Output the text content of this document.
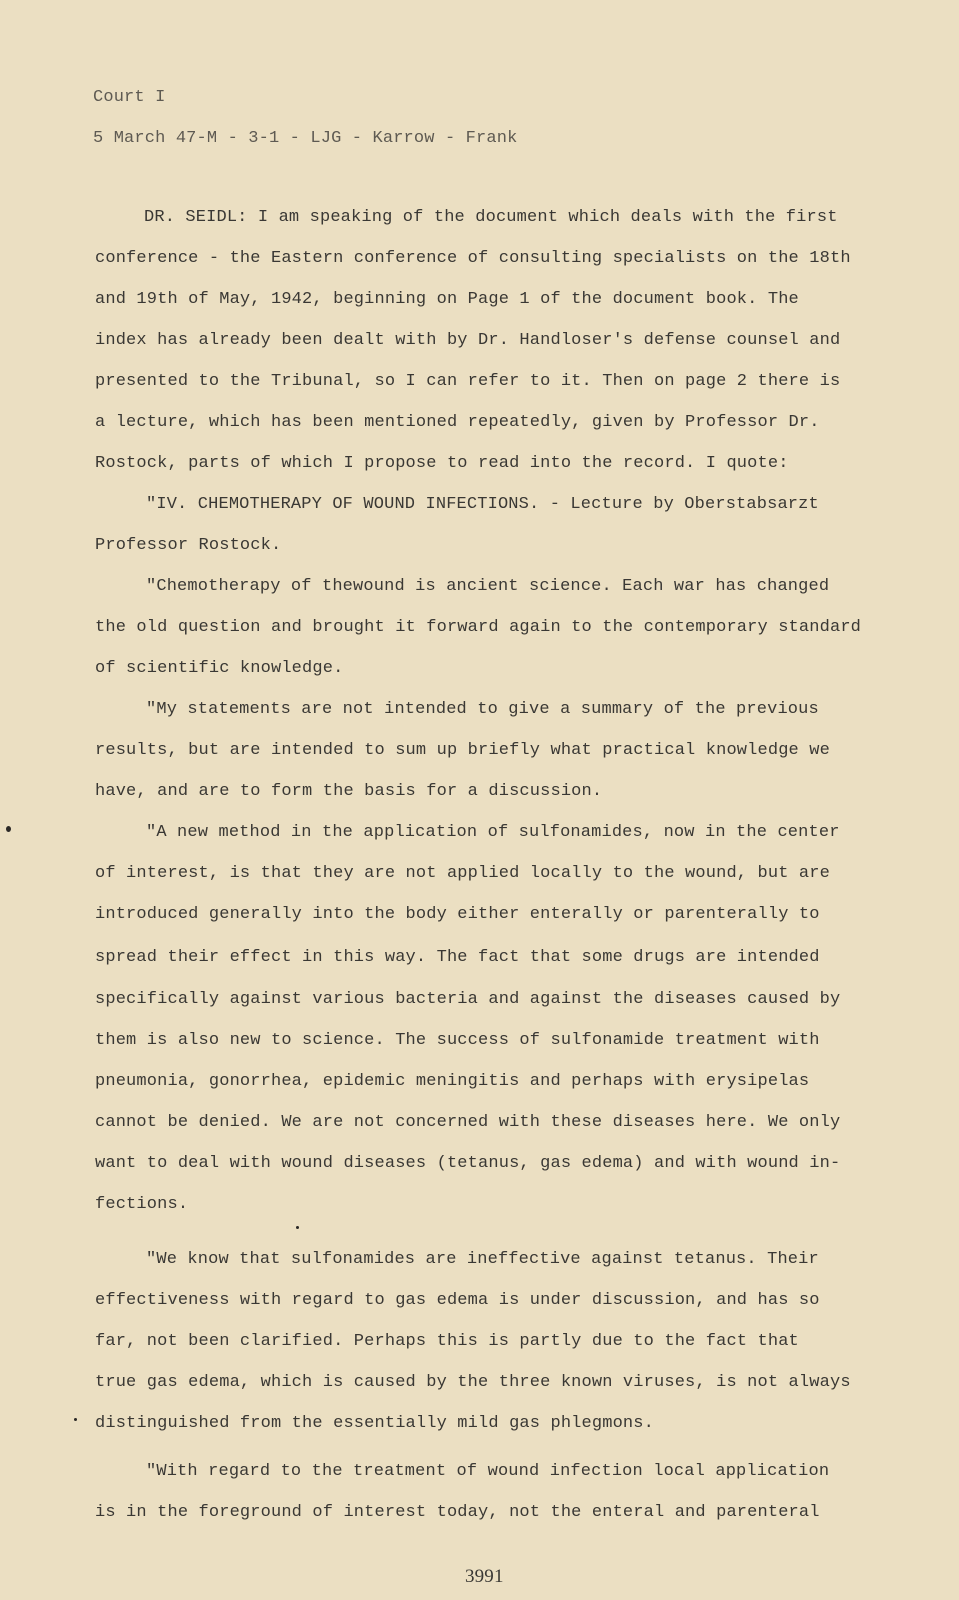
Court I
5 March 47-M - 3-1 - LJG - Karrow - Frank
DR. SEIDL: I am speaking of the document which deals with the first
conference - the Eastern conference of consulting specialists on the 18th
and 19th of May, 1942, beginning on Page 1 of the document book. The
index has already been dealt with by Dr. Handloser's defense counsel and
presented to the Tribunal, so I can refer to it. Then on page 2 there is
a lecture, which has been mentioned repeatedly, given by Professor Dr.
Rostock, parts of which I propose to read into the record. I quote:
"IV. CHEMOTHERAPY OF WOUND INFECTIONS. - Lecture by Oberstabsarzt
Professor Rostock.
"Chemotherapy of thewound is ancient science. Each war has changed
the old question and brought it forward again to the contemporary standard
of scientific knowledge.
"My statements are not intended to give a summary of the previous
results, but are intended to sum up briefly what practical knowledge we
have, and are to form the basis for a discussion.
"A new method in the application of sulfonamides, now in the center
of interest, is that they are not applied locally to the wound, but are
introduced generally into the body either enterally or parenterally to
spread their effect in this way. The fact that some drugs are intended
specifically against various bacteria and against the diseases caused by
them is also new to science. The success of sulfonamide treatment with
pneumonia, gonorrhea, epidemic meningitis and perhaps with erysipelas
cannot be denied. We are not concerned with these diseases here. We only
want to deal with wound diseases (tetanus, gas edema) and with wound in-
fections.
"We know that sulfonamides are ineffective against tetanus. Their
effectiveness with regard to gas edema is under discussion, and has so
far, not been clarified. Perhaps this is partly due to the fact that
true gas edema, which is caused by the three known viruses, is not always
distinguished from the essentially mild gas phlegmons.
"With regard to the treatment of wound infection local application
is in the foreground of interest today, not the enteral and parenteral
3991
